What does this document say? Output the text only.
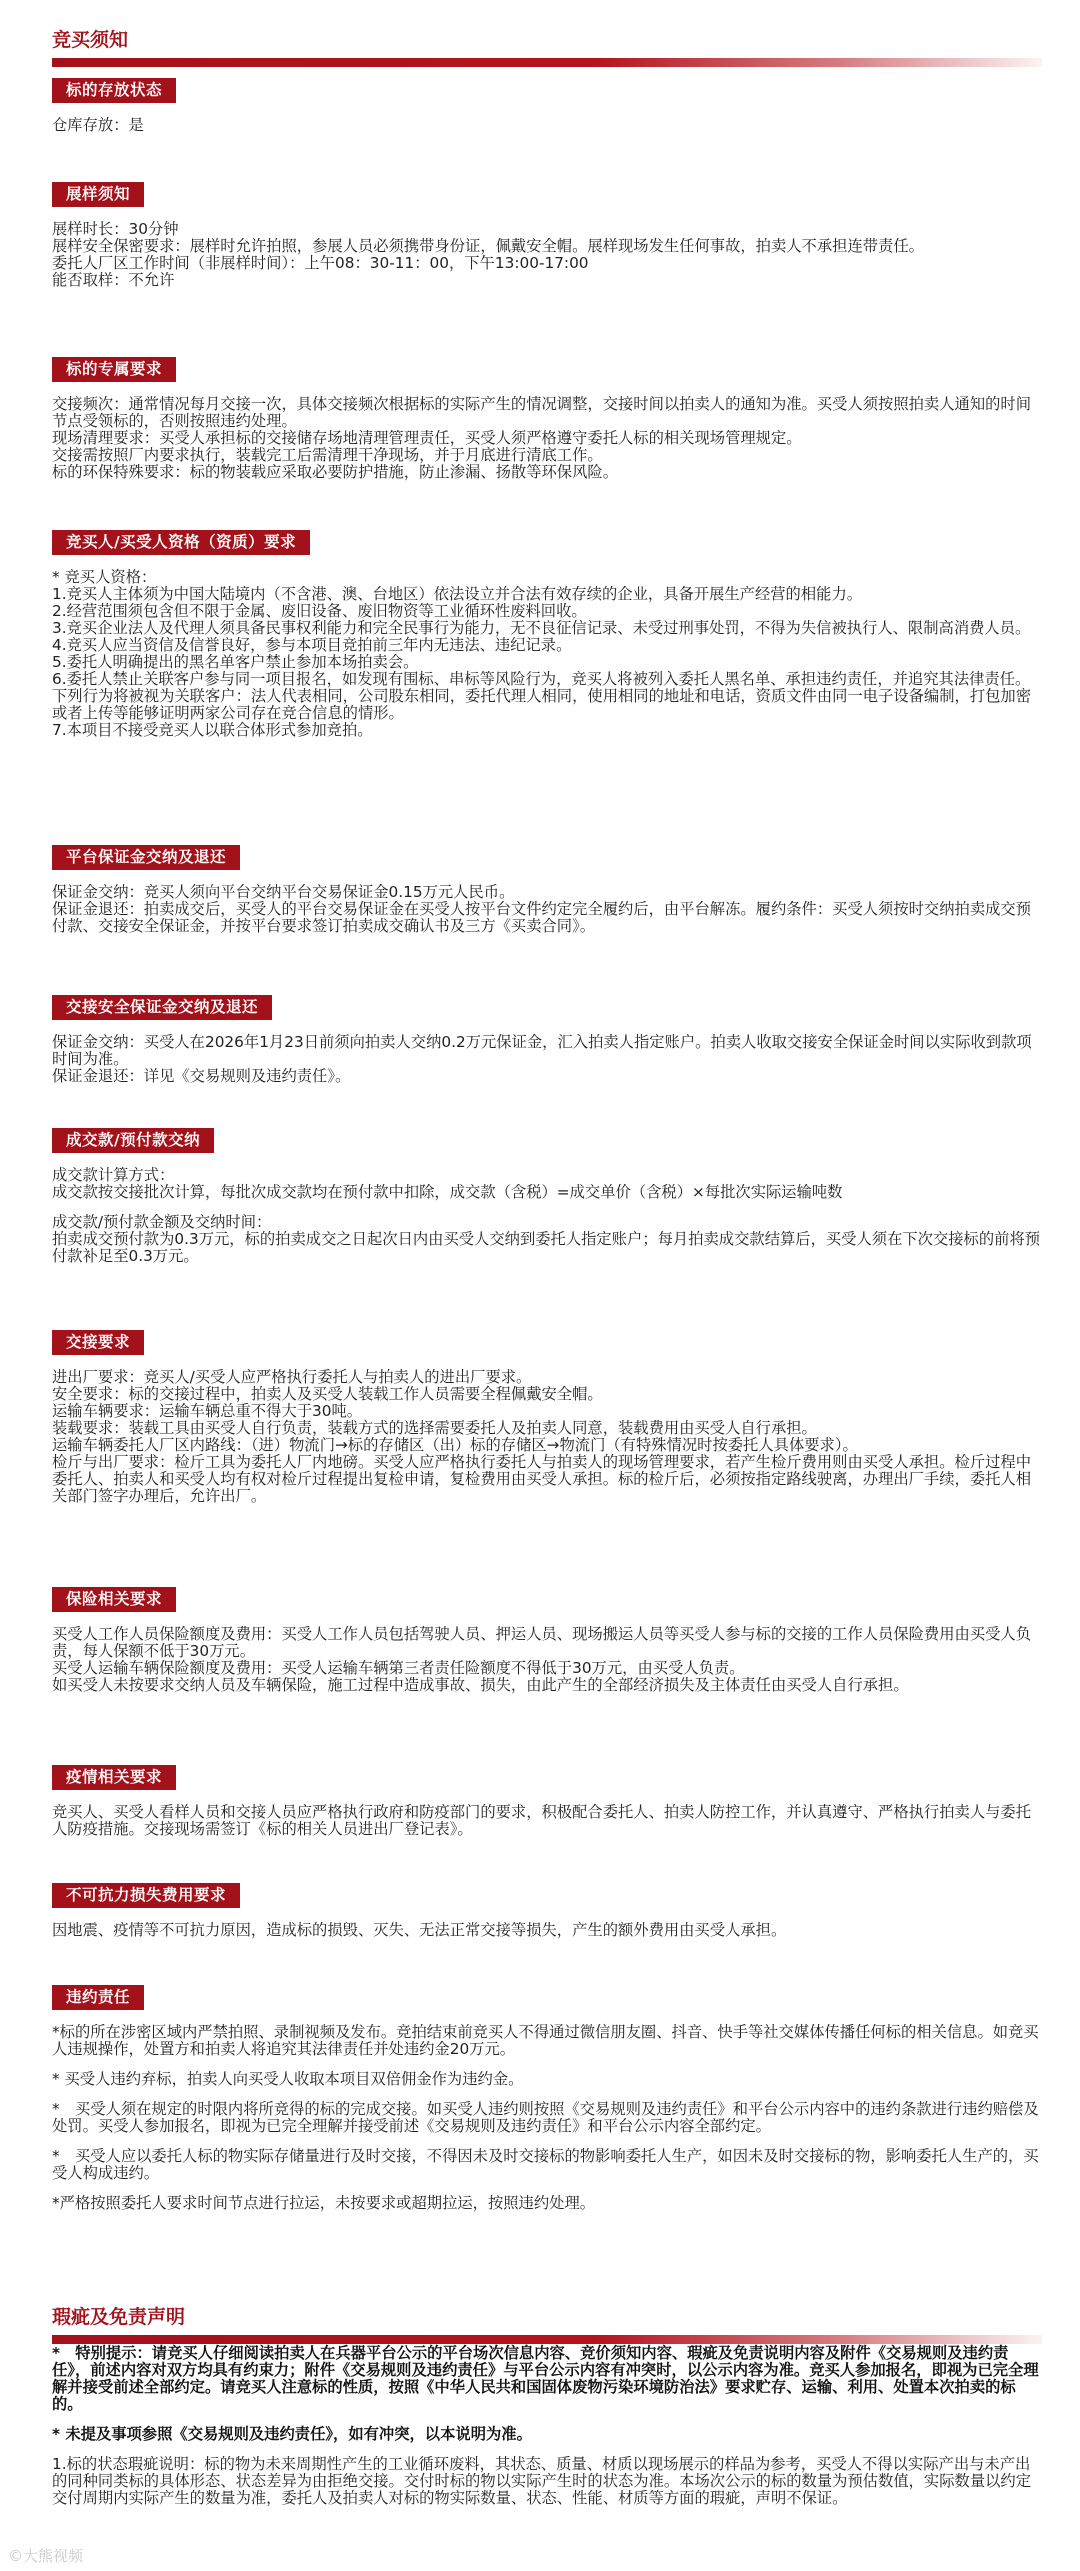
竞买须知
标的存放状态
仓库存放：是
展样须知
展样时长：30分钟
展样安全保密要求：展样时允许拍照，参展人员必须携带身份证，佩戴安全帽。展样现场发生任何事故，拍卖人不承担连带责任。
委托人厂区工作时间（非展样时间）：上午08：30-11：00，下午13:00-17:00
能否取样：不允许
标的专属要求
交接频次：通常情况每月交接一次，具体交接频次根据标的实际产生的情况调整，交接时间以拍卖人的通知为准。买受人须按照拍卖人通知的时间节点受领标的，否则按照违约处理。
现场清理要求：买受人承担标的交接储存场地清理管理责任，买受人须严格遵守委托人标的相关现场管理规定。
交接需按照厂内要求执行，装载完工后需清理干净现场，并于月底进行清底工作。
标的环保特殊要求：标的物装载应采取必要防护措施，防止渗漏、扬散等环保风险。
竞买人/买受人资格（资质）要求
* 竞买人资格：
1.竞买人主体须为中国大陆境内（不含港、澳、台地区）依法设立并合法有效存续的企业，具备开展生产经营的相能力。
2.经营范围须包含但不限于金属、废旧设备、废旧物资等工业循环性废料回收。
3.竞买企业法人及代理人须具备民事权利能力和完全民事行为能力，无不良征信记录、未受过刑事处罚，不得为失信被执行人、限制高消费人员。
4.竞买人应当资信及信誉良好，参与本项目竞拍前三年内无违法、违纪记录。
5.委托人明确提出的黑名单客户禁止参加本场拍卖会。
6.委托人禁止关联客户参与同一项目报名，如发现有围标、串标等风险行为，竞买人将被列入委托人黑名单、承担违约责任，并追究其法律责任。下列行为将被视为关联客户：法人代表相同，公司股东相同，委托代理人相同，使用相同的地址和电话，资质文件由同一电子设备编制，打包加密或者上传等能够证明两家公司存在竞合信息的情形。
7.本项目不接受竞买人以联合体形式参加竞拍。
平台保证金交纳及退还
保证金交纳：竞买人须向平台交纳平台交易保证金0.15万元人民币。
保证金退还：拍卖成交后，买受人的平台交易保证金在买受人按平台文件约定完全履约后，由平台解冻。履约条件：买受人须按时交纳拍卖成交预付款、交接安全保证金，并按平台要求签订拍卖成交确认书及三方《买卖合同》。
交接安全保证金交纳及退还
保证金交纳：买受人在2026年1月23日前须向拍卖人交纳0.2万元保证金，汇入拍卖人指定账户。拍卖人收取交接安全保证金时间以实际收到款项时间为准。
保证金退还：详见《交易规则及违约责任》。
成交款/预付款交纳
成交款计算方式：
成交款按交接批次计算，每批次成交款均在预付款中扣除，成交款（含税）=成交单价（含税）×每批次实际运输吨数
成交款/预付款金额及交纳时间：
拍卖成交预付款为0.3万元，标的拍卖成交之日起次日内由买受人交纳到委托人指定账户；每月拍卖成交款结算后，买受人须在下次交接标的前将预付款补足至0.3万元。
交接要求
进出厂要求：竞买人/买受人应严格执行委托人与拍卖人的进出厂要求。
安全要求：标的交接过程中，拍卖人及买受人装载工作人员需要全程佩戴安全帽。
运输车辆要求：运输车辆总重不得大于30吨。
装载要求：装载工具由买受人自行负责，装载方式的选择需要委托人及拍卖人同意，装载费用由买受人自行承担。
运输车辆委托人厂区内路线：（进）物流门→标的存储区（出）标的存储区→物流门（有特殊情况时按委托人具体要求）。
检斤与出厂要求：检斤工具为委托人厂内地磅。买受人应严格执行委托人与拍卖人的现场管理要求，若产生检斤费用则由买受人承担。检斤过程中委托人、拍卖人和买受人均有权对检斤过程提出复检申请，复检费用由买受人承担。标的检斤后，必须按指定路线驶离，办理出厂手续，委托人相关部门签字办理后，允许出厂。
保险相关要求
买受人工作人员保险额度及费用：买受人工作人员包括驾驶人员、押运人员、现场搬运人员等买受人参与标的交接的工作人员保险费用由买受人负责，每人保额不低于30万元。
买受人运输车辆保险额度及费用：买受人运输车辆第三者责任险额度不得低于30万元，由买受人负责。
如买受人未按要求交纳人员及车辆保险，施工过程中造成事故、损失，由此产生的全部经济损失及主体责任由买受人自行承担。
疫情相关要求
竞买人、买受人看样人员和交接人员应严格执行政府和防疫部门的要求，积极配合委托人、拍卖人防控工作，并认真遵守、严格执行拍卖人与委托人防疫措施。交接现场需签订《标的相关人员进出厂登记表》。
不可抗力损失费用要求
因地震、疫情等不可抗力原因，造成标的损毁、灭失、无法正常交接等损失，产生的额外费用由买受人承担。
违约责任
*标的所在涉密区域内严禁拍照、录制视频及发布。竞拍结束前竞买人不得通过微信朋友圈、抖音、快手等社交媒体传播任何标的相关信息。如竞买人违规操作，处置方和拍卖人将追究其法律责任并处违约金20万元。
* 买受人违约弃标，拍卖人向买受人收取本项目双倍佣金作为违约金。
*　买受人须在规定的时限内将所竞得的标的完成交接。如买受人违约则按照《交易规则及违约责任》和平台公示内容中的违约条款进行违约赔偿及处罚。买受人参加报名，即视为已完全理解并接受前述《交易规则及违约责任》和平台公示内容全部约定。
*　买受人应以委托人标的物实际存储量进行及时交接，不得因未及时交接标的物影响委托人生产，如因未及时交接标的物，影响委托人生产的，买受人构成违约。
*严格按照委托人要求时间节点进行拉运，未按要求或超期拉运，按照违约处理。
瑕疵及免责声明
*　特别提示：请竞买人仔细阅读拍卖人在兵器平台公示的平台场次信息内容、竞价须知内容、瑕疵及免责说明内容及附件《交易规则及违约责任》，前述内容对双方均具有约束力；附件《交易规则及违约责任》与平台公示内容有冲突时，以公示内容为准。竞买人参加报名，即视为已完全理解并接受前述全部约定。请竞买人注意标的性质，按照《中华人民共和国固体废物污染环境防治法》要求贮存、运输、利用、处置本次拍卖的标的。
* 未提及事项参照《交易规则及违约责任》，如有冲突，以本说明为准。
1.标的状态瑕疵说明：标的物为未来周期性产生的工业循环废料，其状态、质量、材质以现场展示的样品为参考，买受人不得以实际产出与未产出的同种同类标的具体形态、状态差异为由拒绝交接。交付时标的物以实际产生时的状态为准。本场次公示的标的数量为预估数值，实际数量以约定交付周期内实际产生的数量为准，委托人及拍卖人对标的物实际数量、状态、性能、材质等方面的瑕疵，声明不保证。
©大熊视频
